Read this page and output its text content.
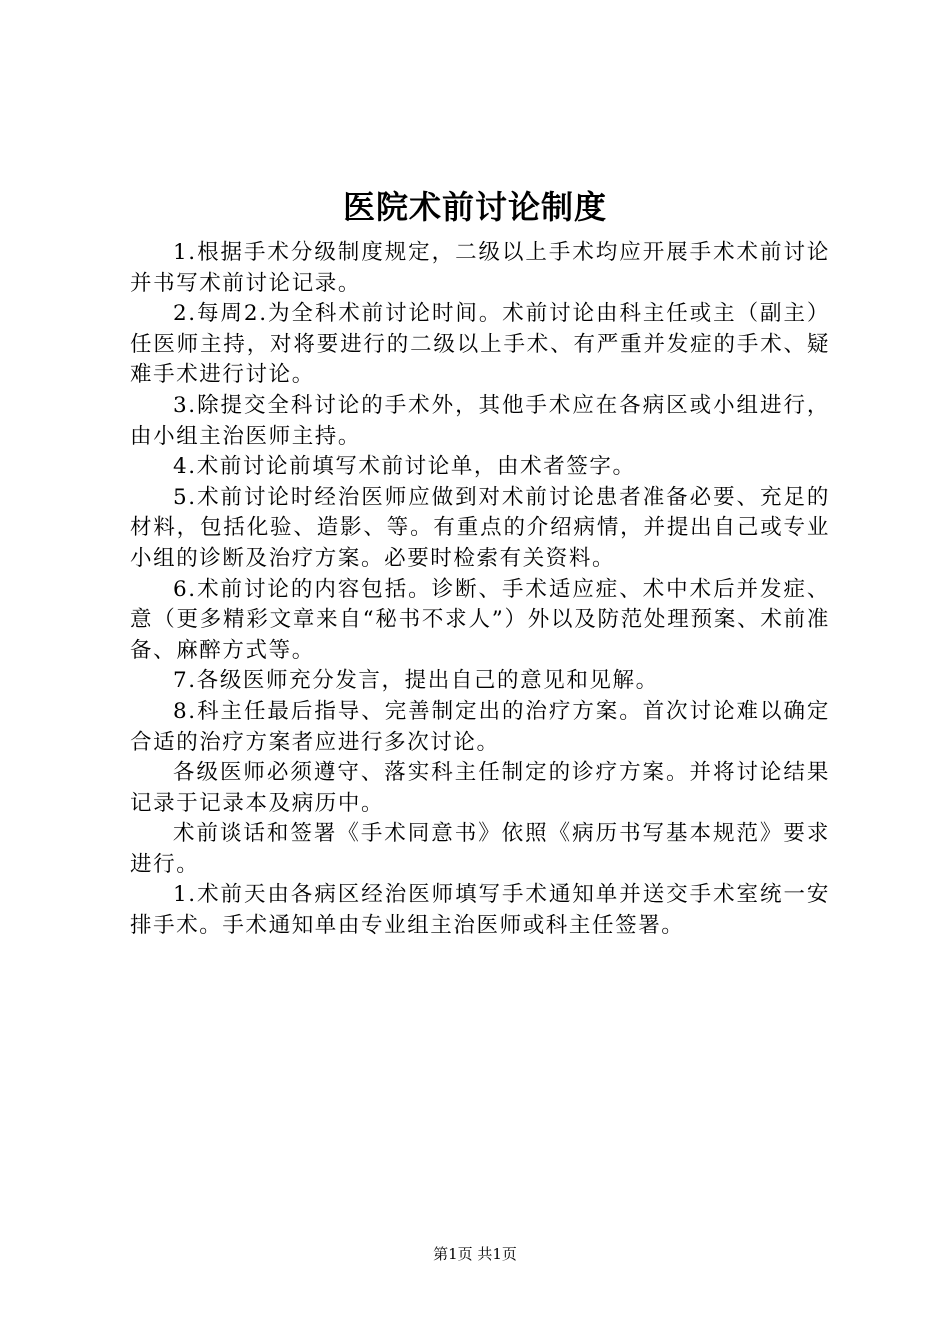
医院术前讨论制度

1.根据手术分级制度规定，二级以上手术均应开展手术术前讨论并书写术前讨论记录。

2.每周2.为全科术前讨论时间。术前讨论由科主任或主（副主）任医师主持，对将要进行的二级以上手术、有严重并发症的手术、疑难手术进行讨论。

3.除提交全科讨论的手术外，其他手术应在各病区或小组进行，由小组主治医师主持。

4.术前讨论前填写术前讨论单，由术者签字。

5.术前讨论时经治医师应做到对术前讨论患者准备必要、充足的材料，包括化验、造影、等。有重点的介绍病情，并提出自己或专业小组的诊断及治疗方案。必要时检索有关资料。

6.术前讨论的内容包括。诊断、手术适应症、术中术后并发症、意（更多精彩文章来自“秘书不求人”）外以及防范处理预案、术前准备、麻醉方式等。

7.各级医师充分发言，提出自己的意见和见解。

8.科主任最后指导、完善制定出的治疗方案。首次讨论难以确定合适的治疗方案者应进行多次讨论。

各级医师必须遵守、落实科主任制定的诊疗方案。并将讨论结果记录于记录本及病历中。

术前谈话和签署《手术同意书》依照《病历书写基本规范》要求进行。

1.术前天由各病区经治医师填写手术通知单并送交手术室统一安排手术。手术通知单由专业组主治医师或科主任签署。

第1页 共1页
